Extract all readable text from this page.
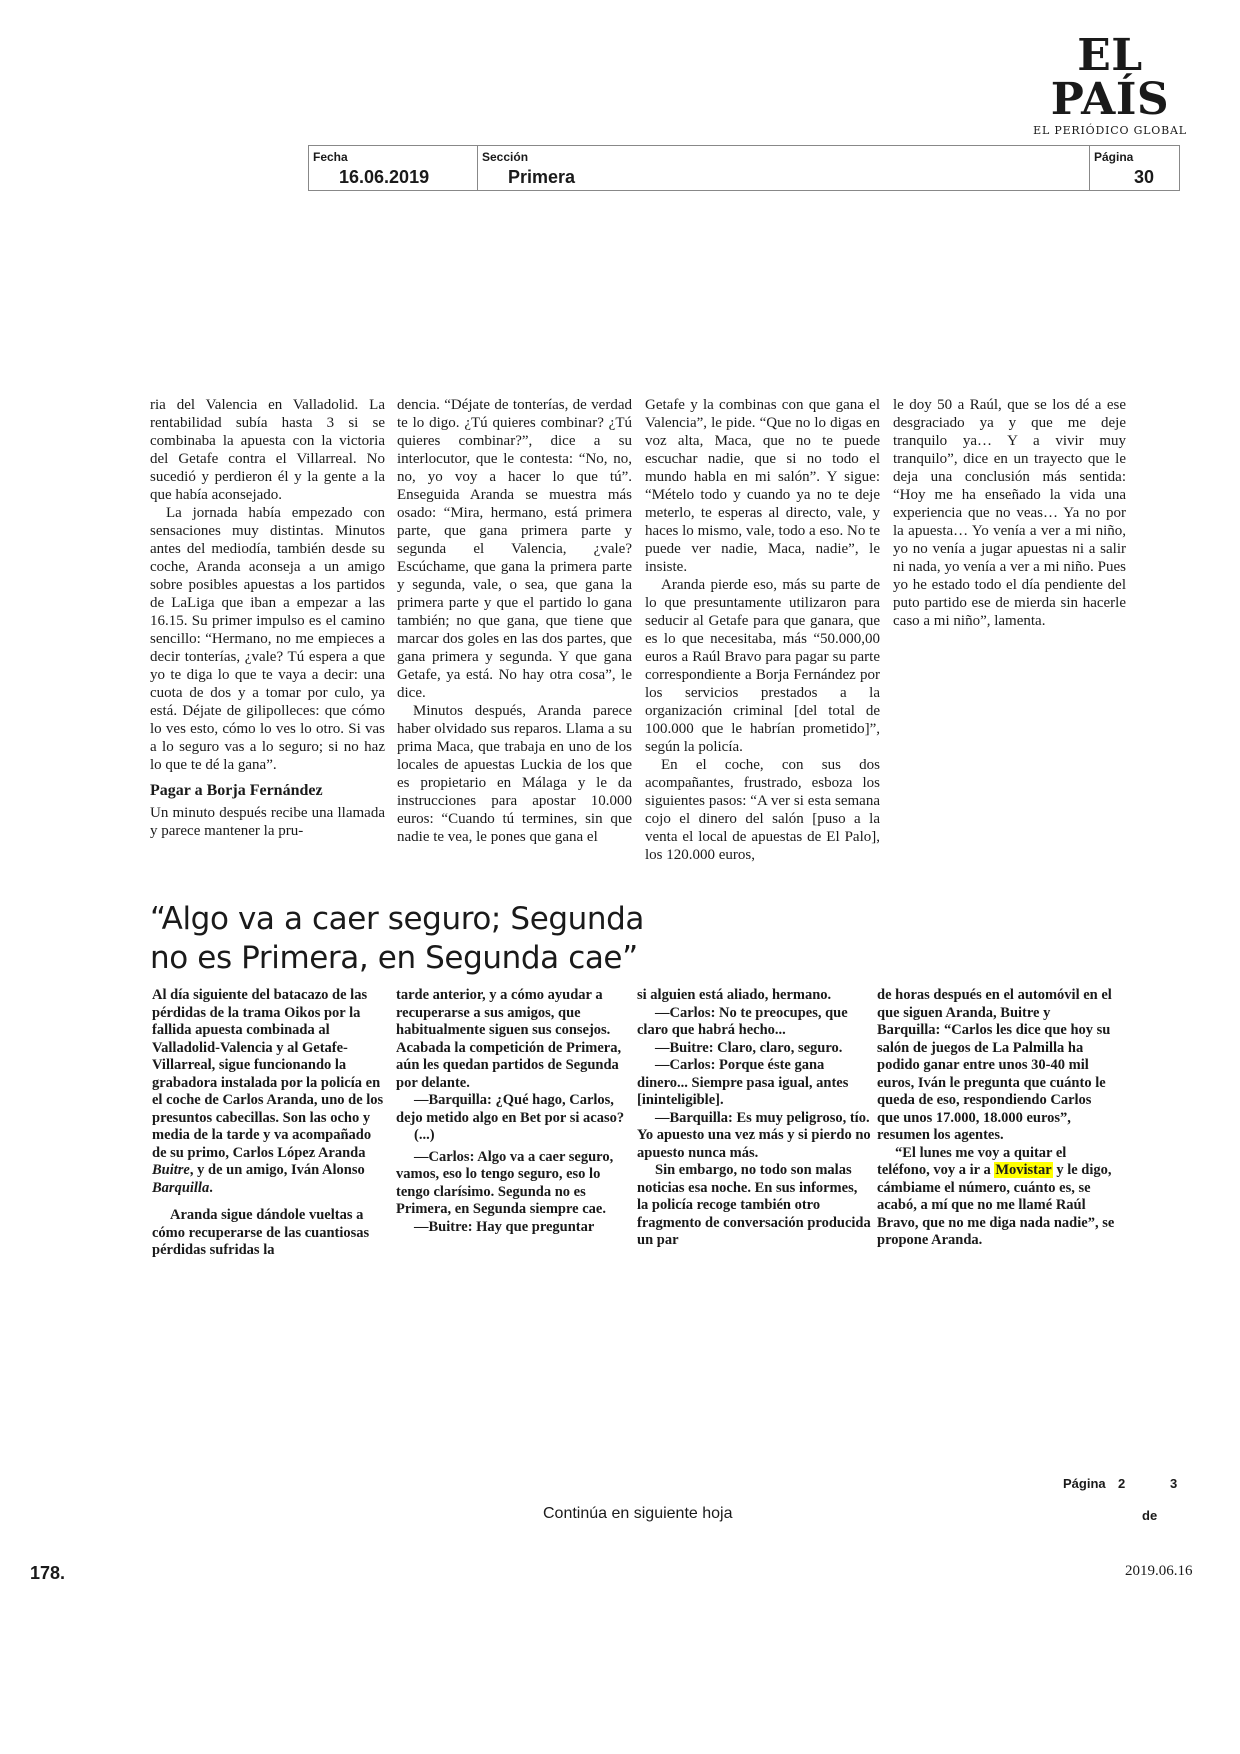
EL PAÍS
EL PERIÓDICO GLOBAL
Fecha
16.06.2019
Sección
Primera
Página
30

ria del Valencia en Valladolid. La rentabilidad subía hasta 3 si se combinaba la apuesta con la victoria del Getafe contra el Villarreal. No sucedió y perdieron él y la gente a la que había aconsejado.

La jornada había empezado con sensaciones muy distintas. Minutos antes del mediodía, también desde su coche, Aranda aconseja a un amigo sobre posibles apuestas a los partidos de LaLiga que iban a empezar a las 16.15. Su primer impulso es el camino sencillo: “Hermano, no me empieces a decir tonterías, ¿vale? Tú espera a que yo te diga lo que te vaya a decir: una cuota de dos y a tomar por culo, ya está. Déjate de gilipolleces: que cómo lo ves esto, cómo lo ves lo otro. Si vas a lo seguro vas a lo seguro; si no haz lo que te dé la gana”.

Pagar a Borja Fernández

Un minuto después recibe una llamada y parece mantener la pru-

dencia. “Déjate de tonterías, de verdad te lo digo. ¿Tú quieres combinar? ¿Tú quieres combinar?”, dice a su interlocutor, que le contesta: “No, no, no, yo voy a hacer lo que tú”. Enseguida Aranda se muestra más osado: “Mira, hermano, está primera parte, que gana primera parte y segunda el Valencia, ¿vale? Escúchame, que gana la primera parte y segunda, vale, o sea, que gana la primera parte y que el partido lo gana también; no que gana, que tiene que marcar dos goles en las dos partes, que gana primera y segunda. Y que gana Getafe, ya está. No hay otra cosa”, le dice.

Minutos después, Aranda parece haber olvidado sus reparos. Llama a su prima Maca, que trabaja en uno de los locales de apuestas Luckia de los que es propietario en Málaga y le da instrucciones para apostar 10.000 euros: “Cuando tú termines, sin que nadie te vea, le pones que gana el

Getafe y la combinas con que gana el Valencia”, le pide. “Que no lo digas en voz alta, Maca, que no te puede escuchar nadie, que si no todo el mundo habla en mi salón”. Y sigue: “Mételo todo y cuando ya no te deje meterlo, te esperas al directo, vale, y haces lo mismo, vale, todo a eso. No te puede ver nadie, Maca, nadie”, le insiste.

Aranda pierde eso, más su parte de lo que presuntamente utilizaron para seducir al Getafe para que ganara, que es lo que necesitaba, más “50.000,00 euros a Raúl Bravo para pagar su parte correspondiente a Borja Fernández por los servicios prestados a la organización criminal [del total de 100.000 que le habrían prometido]”, según la policía.

En el coche, con sus dos acompañantes, frustrado, esboza los siguientes pasos: “A ver si esta semana cojo el dinero del salón [puso a la venta el local de apuestas de El Palo], los 120.000 euros,

le doy 50 a Raúl, que se los dé a ese desgraciado ya y que me deje tranquilo ya… Y a vivir muy tranquilo”, dice en un trayecto que le deja una conclusión más sentida: “Hoy me ha enseñado la vida una experiencia que no veas… Ya no por la apuesta… Yo venía a ver a mi niño, yo no venía a jugar apuestas ni a salir ni nada, yo venía a ver a mi niño. Pues yo he estado todo el día pendiente del puto partido ese de mierda sin hacerle caso a mi niño”, lamenta.

“Algo va a caer seguro; Segunda
no es Primera, en Segunda cae”

Al día siguiente del batacazo de las pérdidas de la trama Oikos por la fallida apuesta combinada al Valladolid-Valencia y al Getafe-Villarreal, sigue funcionando la grabadora instalada por la policía en el coche de Carlos Aranda, uno de los presuntos cabecillas. Son las ocho y media de la tarde y va acompañado de su primo, Carlos López Aranda Buitre, y de un amigo, Iván Alonso Barquilla.

Aranda sigue dándole vueltas a cómo recuperarse de las cuantiosas pérdidas sufridas la

tarde anterior, y a cómo ayudar a recuperarse a sus amigos, que habitualmente siguen sus consejos. Acabada la competición de Primera, aún les quedan partidos de Segunda por delante.

—Barquilla: ¿Qué hago, Carlos, dejo metido algo en Bet por si acaso?

(...)

—Carlos: Algo va a caer seguro, vamos, eso lo tengo seguro, eso lo tengo clarísimo. Segunda no es Primera, en Segunda siempre cae.

—Buitre: Hay que preguntar

si alguien está aliado, hermano.

—Carlos: No te preocupes, que claro que habrá hecho...

—Buitre: Claro, claro, seguro.

—Carlos: Porque éste gana dinero... Siempre pasa igual, antes [ininteligible].

—Barquilla: Es muy peligroso, tío. Yo apuesto una vez más y si pierdo no apuesto nunca más.

Sin embargo, no todo son malas noticias esa noche. En sus informes, la policía recoge también otro fragmento de conversación producida un par

de horas después en el automóvil en el que siguen Aranda, Buitre y Barquilla: “Carlos les dice que hoy su salón de juegos de La Palmilla ha podido ganar entre unos 30-40 mil euros, Iván le pregunta que cuánto le queda de eso, respondiendo Carlos que unos 17.000, 18.000 euros”, resumen los agentes.

“El lunes me voy a quitar el teléfono, voy a ir a Movistar y le digo, cámbiame el número, cuánto es, se acabó, a mí que no me llamé Raúl Bravo, que no me diga nada nadie”, se propone Aranda.

Página 2	3
de
Continúa en siguiente hoja
178.	2019.06.16
